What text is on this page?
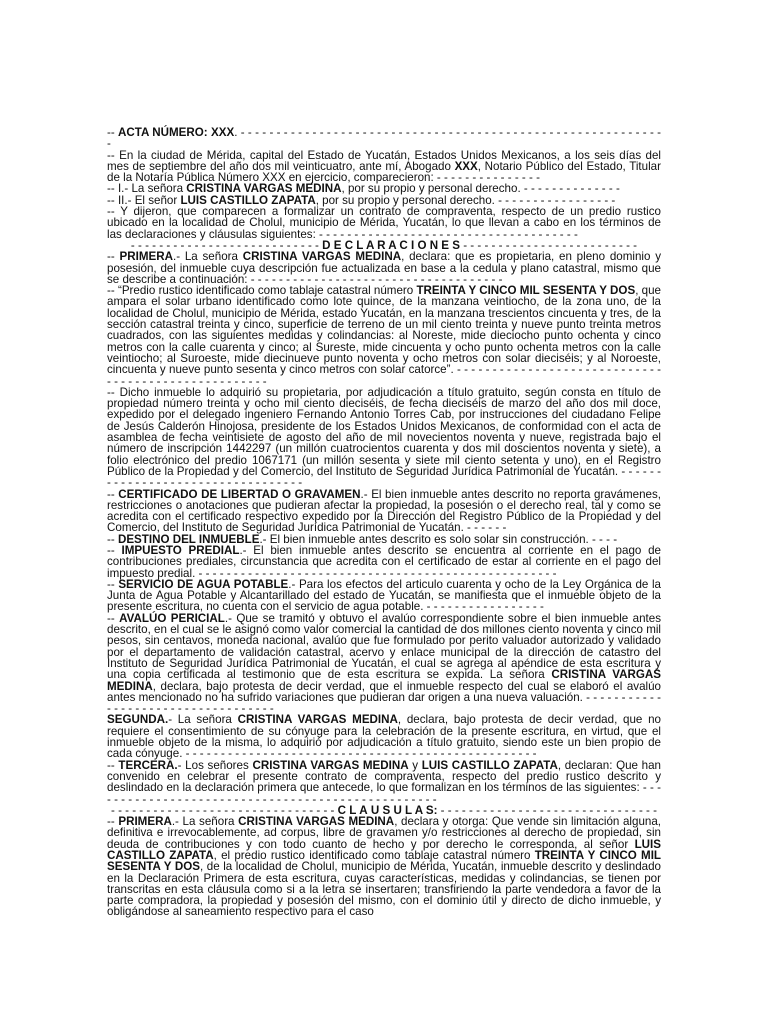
-- ACTA NÚMERO: XXX. - - - - - - - - - - - - - - - - - - - - - - - - - - - - - - - - - - - - - - - - - - - - - - - - - - - - - - - - - - - -
-- En la ciudad de Mérida, capital del Estado de Yucatán, Estados Unidos Mexicanos, a los seis días del mes de septiembre del año dos mil veinticuatro, ante mí, Abogado XXX, Notario Público del Estado, Titular de la Notaría Pública Número XXX en ejercicio, comparecieron: - - - - - - - - - - - - - - -
-- I.- La señora CRISTINA VARGAS MEDINA, por su propio y personal derecho. - - - - - - - - - - - - - -
-- II.- El señor LUIS CASTILLO ZAPATA, por su propio y personal derecho. - - - - - - - - - - - - - - - - -
-- Y dijeron, que comparecen a formalizar un contrato de compraventa, respecto de un predio rustico ubicado en la localidad de Cholul, municipio de Mérida, Yucatán, lo que llevan a cabo en los términos de las declaraciones y cláusulas siguientes: - - - - - - - - - - - - - - - - - - - - - - - - - - - - - - - - - - - - -
- - - - - - - - - - - - - - - - - - - - - - - - - - - D E C L A R A C I O N E S - - - - - - - - - - - - - - - - - - - - - - - - -
-- PRIMERA.- La señora CRISTINA VARGAS MEDINA, declara: que es propietaria, en pleno dominio y posesión, del inmueble cuya descripción fue actualizada en base a la cedula y plano catastral, mismo que se describe a continuación: - - - - - - - - - - - - - - - - - - - - - - - - - - - - - - - - - - - -
-- “Predio rustico identificado como tablaje catastral número TREINTA Y CINCO MIL SESENTA Y DOS, que ampara el solar urbano identificado como lote quince, de la manzana veintiocho, de la zona uno, de la localidad de Cholul, municipio de Mérida, estado Yucatán, en la manzana trescientos cincuenta y tres, de la sección catastral treinta y cinco, superficie de terreno de un mil ciento treinta y nueve punto treinta metros cuadrados, con las siguientes medidas y colindancias: al Noreste, mide dieciocho punto ochenta y cinco metros con la calle cuarenta y cinco; al Sureste, mide cincuenta y ocho punto ochenta metros con la calle veintiocho; al Suroeste, mide diecinueve punto noventa y ocho metros con solar dieciséis; y al Noroeste, cincuenta y nueve punto sesenta y cinco metros con solar catorce”. - - - - - - - - - - - - - - - - - - - - - - - - - - - - - - - - - - - - - - - - - - - - - - - - - - - -
-- Dicho inmueble lo adquirió su propietaria, por adjudicación a título gratuito, según consta en título de propiedad número treinta y ocho mil ciento dieciséis, de fecha dieciséis de marzo del año dos mil doce, expedido por el delegado ingeniero Fernando Antonio Torres Cab, por instrucciones del ciudadano Felipe de Jesús Calderón Hinojosa, presidente de los Estados Unidos Mexicanos, de conformidad con el acta de asamblea de fecha veintisiete de agosto del año de mil novecientos noventa y nueve, registrada bajo el número de inscripción 1442297 (un millón cuatrocientos cuarenta y dos mil doscientos noventa y siete), a folio electrónico del predio 1067171 (un millón sesenta y siete mil ciento setenta y uno), en el Registro Público de la Propiedad y del Comercio, del Instituto de Seguridad Jurídica Patrimonial de Yucatán. - - - - - - - - - - - - - - - - - - - - - - - - - - - - - - - - - -
-- CERTIFICADO DE LIBERTAD O GRAVAMEN.- El bien inmueble antes descrito no reporta gravámenes, restricciones o anotaciones que pudieran afectar la propiedad, la posesión o el derecho real, tal y como se acredita con el certificado respectivo expedido por la Dirección del Registro Público de la Propiedad y del Comercio, del Instituto de Seguridad Jurídica Patrimonial de Yucatán. - - - - - -
-- DESTINO DEL INMUEBLE.- El bien inmueble antes descrito es solo solar sin construcción. - - - -
-- IMPUESTO PREDIAL.- El bien inmueble antes descrito se encuentra al corriente en el pago de contribuciones prediales, circunstancia que acredita con el certificado de estar al corriente en el pago del impuesto predial. - - - - - - - - - - - - - - - - - - - - - - - - - - - - - - - - - - - - - - - - - - - - - - - - - - -
-- SERVICIO DE AGUA POTABLE.- Para los efectos del articulo cuarenta y ocho de la Ley Orgánica de la Junta de Agua Potable y Alcantarillado del estado de Yucatán, se manifiesta que el inmueble objeto de la presente escritura, no cuenta con el servicio de agua potable. - - - - - - - - - - - - - - - - -
-- AVALÚO PERICIAL.- Que se tramitó y obtuvo el avalúo correspondiente sobre el bien inmueble antes descrito, en el cual se le asignó como valor comercial la cantidad de dos millones ciento noventa y cinco mil pesos, sin centavos, moneda nacional, avalúo que fue formulado por perito valuador autorizado y validado por el departamento de validación catastral, acervo y enlace municipal de la dirección de catastro del Instituto de Seguridad Jurídica Patrimonial de Yucatán, el cual se agrega al apéndice de esta escritura y una copia certificada al testimonio que de esta escritura se expida. La señora CRISTINA VARGAS MEDINA, declara, bajo protesta de decir verdad, que el inmueble respecto del cual se elaboró el avalúo antes mencionado no ha sufrido variaciones que pudieran dar origen a una nueva valuación. - - - - - - - - - - - - - - - - - - - - - - - - - - - - - - - - - - -
SEGUNDA.- La señora CRISTINA VARGAS MEDINA, declara, bajo protesta de decir verdad, que no requiere el consentimiento de su cónyuge para la celebración de la presente escritura, en virtud, que el inmueble objeto de la misma, lo adquirió por adjudicación a título gratuito, siendo este un bien propio de cada cónyuge. - - - - - - - - - - - - - - - - - - - - - - - - - - - - - - - - - - - - - - - - - - - - - - - - - -
-- TERCERA.- Los señores CRISTINA VARGAS MEDINA y LUIS CASTILLO ZAPATA, declaran: Que han convenido en celebrar el presente contrato de compraventa, respecto del predio rustico descrito y deslindado en la declaración primera que antecede, lo que formalizan en los términos de las siguientes: - - - - - - - - - - - - - - - - - - - - - - - - - - - - - - - - - - - - - - - - - - - - - - - - - -
- - - - - - - - - - - - - - - - - - - - - - - - - - - - - - - - C L Á U S U L A S: - - - - - - - - - - - - - - - - - - - - - - - - - - - - - - -
-- PRIMERA.- La señora CRISTINA VARGAS MEDINA, declara y otorga: Que vende sin limitación alguna, definitiva e irrevocablemente, ad corpus, libre de gravamen y/o restricciones al derecho de propiedad, sin deuda de contribuciones y con todo cuanto de hecho y por derecho le corresponda, al señor LUIS CASTILLO ZAPATA, el predio rustico identificado como tablaje catastral número TREINTA Y CINCO MIL SESENTA Y DOS, de la localidad de Cholul, municipio de Mérida, Yucatán, inmueble descrito y deslindado en la Declaración Primera de esta escritura, cuyas características, medidas y colindancias, se tienen por transcritas en esta cláusula como si a la letra se insertaren; transfiriendo la parte vendedora a favor de la parte compradora, la propiedad y posesión del mismo, con el dominio útil y directo de dicho inmueble, y obligándose al saneamiento respectivo para el caso
